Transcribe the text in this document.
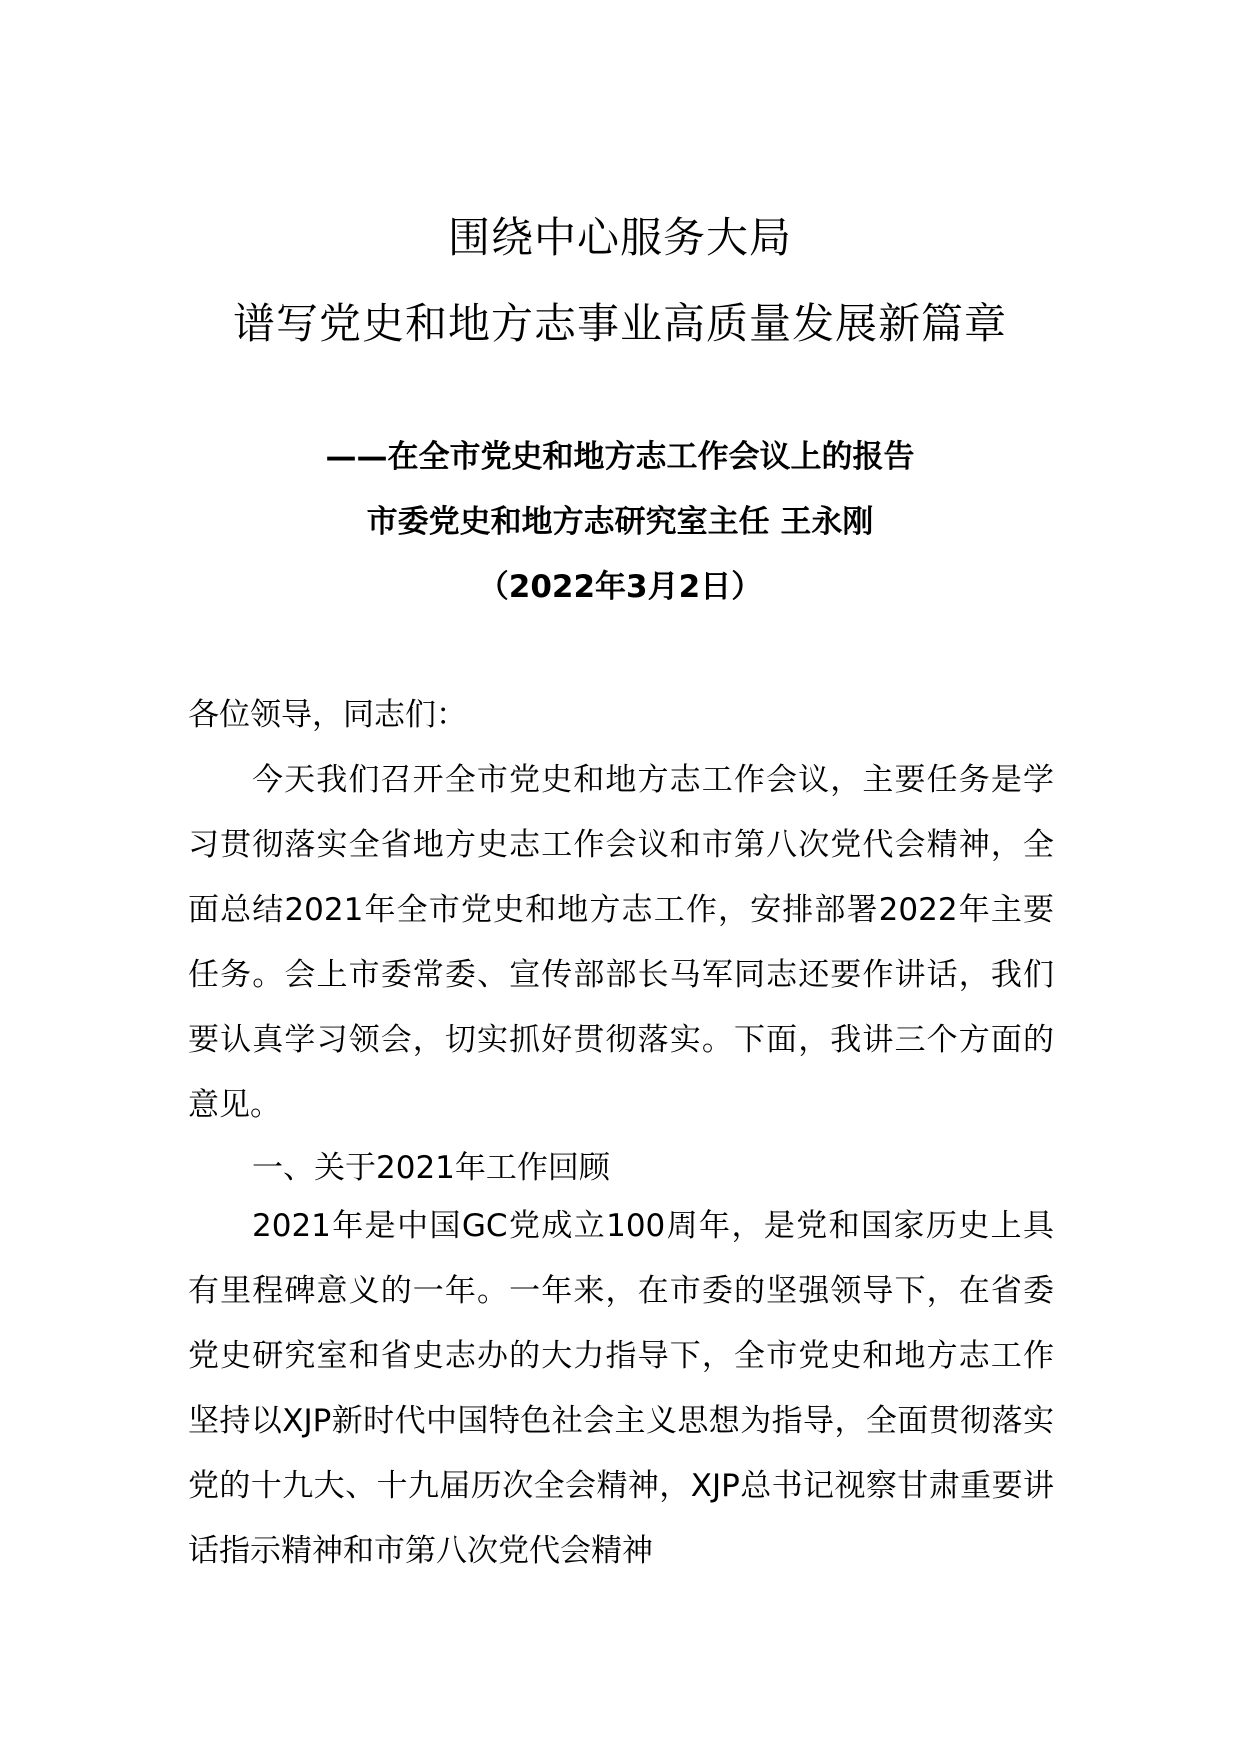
围绕中心服务大局
谱写党史和地方志事业高质量发展新篇章
——在全市党史和地方志工作会议上的报告
市委党史和地方志研究室主任 王永刚
（2022年3月2日）
各位领导，同志们：

今天我们召开全市党史和地方志工作会议，主要任务是学习贯彻落实全省地方史志工作会议和市第八次党代会精神，全面总结2021年全市党史和地方志工作，安排部署2022年主要任务。会上市委常委、宣传部部长马军同志还要作讲话，我们要认真学习领会，切实抓好贯彻落实。下面，我讲三个方面的意见。

一、关于2021年工作回顾

2021年是中国GC党成立100周年，是党和国家历史上具有里程碑意义的一年。一年来，在市委的坚强领导下，在省委党史研究室和省史志办的大力指导下，全市党史和地方志工作坚持以XJP新时代中国特色社会主义思想为指导，全面贯彻落实党的十九大、十九届历次全会精神，XJP总书记视察甘肃重要讲话指示精神和市第八次党代会精神
